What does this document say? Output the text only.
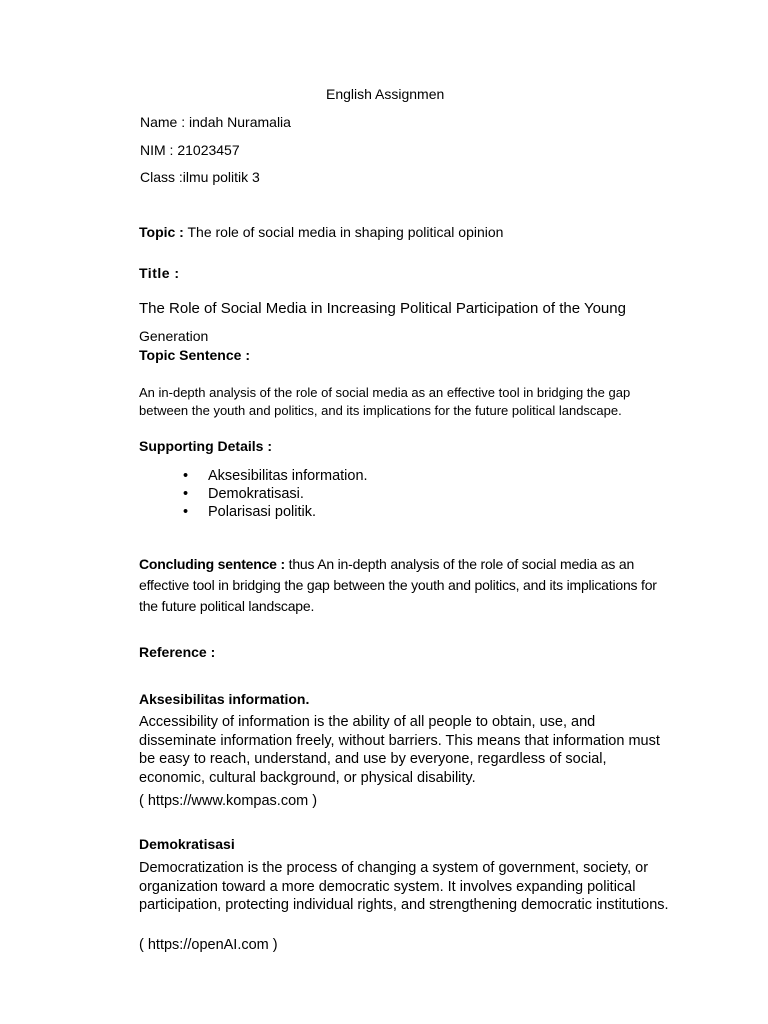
English Assignmen
Name : indah Nuramalia
NIM : 21023457
Class :ilmu politik 3
Topic : The role of social media in shaping political opinion
Title :
The Role of Social Media in Increasing Political Participation of the Young
Generation
Topic Sentence :
An in-depth analysis of the role of social media as an effective tool in bridging the gap between the youth and politics, and its implications for the future political landscape.
Supporting Details :
• Aksesibilitas information.
• Demokratisasi.
• Polarisasi politik.
Concluding sentence : thus An in-depth analysis of the role of social media as an effective tool in bridging the gap between the youth and politics, and its implications for the future political landscape.
Reference :
Aksesibilitas information.
Accessibility of information is the ability of all people to obtain, use, and disseminate information freely, without barriers. This means that information must be easy to reach, understand, and use by everyone, regardless of social, economic, cultural background, or physical disability.
( https://www.kompas.com )
Demokratisasi
Democratization is the process of changing a system of government, society, or organization toward a more democratic system. It involves expanding political participation, protecting individual rights, and strengthening democratic institutions.
( https://openAI.com )
